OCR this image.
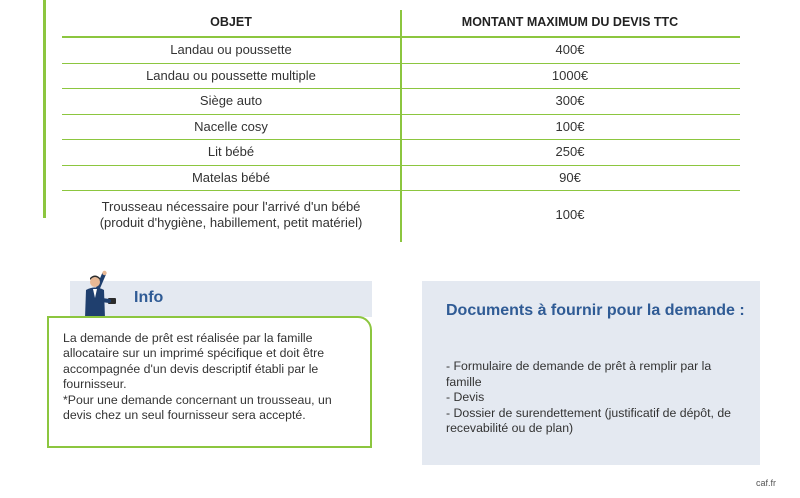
OBJET	MONTANT MAXIMUM DU DEVIS TTC
Landau ou poussette	400€
Landau ou poussette multiple	1000€
Siège auto	300€
Nacelle cosy	100€
Lit bébé	250€
Matelas bébé	90€

Trousseau nécessaire pour l'arrivé d'un bébé
(produit d'hygiène, habillement, petit matériel)	100€
Info

La demande de prêt est réalisée par la famille allocataire sur un imprimé spécifique et doit être accompagnée d'un devis descriptif établi par le fournisseur.

*Pour une demande concernant un trousseau, un devis chez un seul fournisseur sera accepté.

Documents à fournir pour la demande :
- Formulaire de demande de prêt à remplir par la famille
- Devis
- Dossier de surendettement (justificatif de dépôt, de recevabilité ou de plan)
caf.fr
